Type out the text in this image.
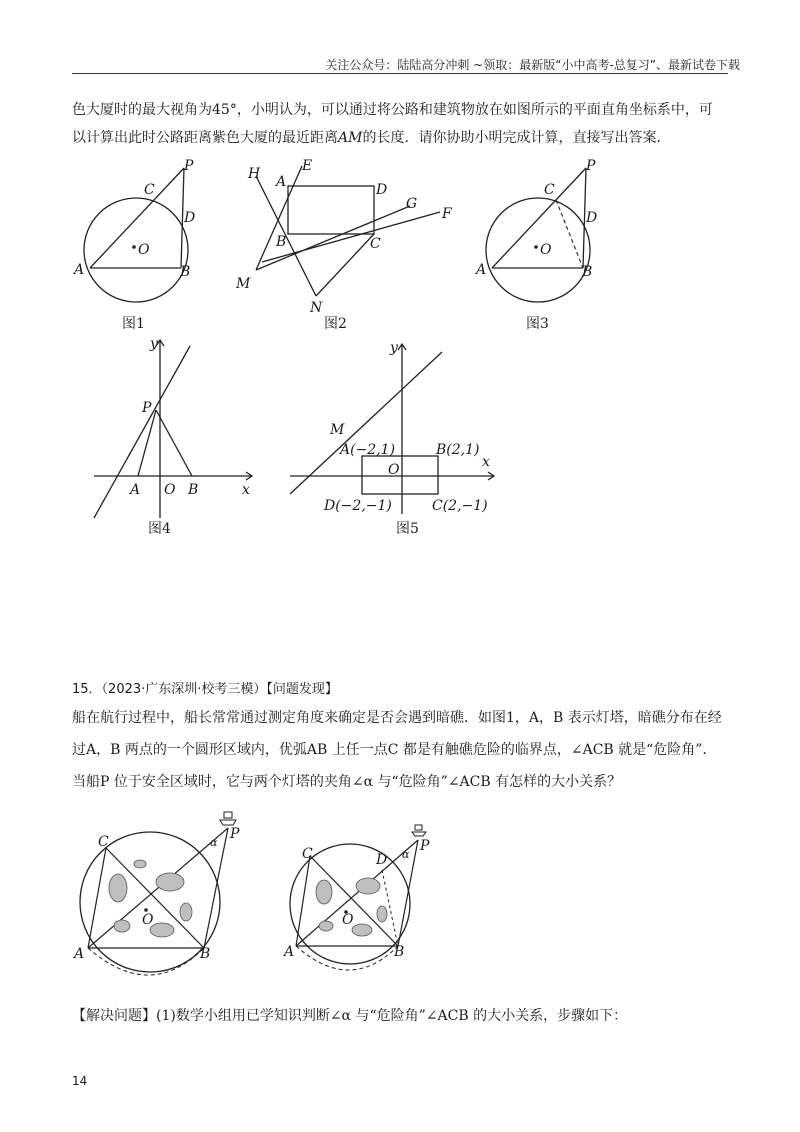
关注公众号：陆陆高分冲刺 ~领取：最新版“小中高考-总复习”、最新试卷下载
色大厦时的最大视角为45°，小明认为，可以通过将公路和建筑物放在如图所示的平面直角坐标系中，可
以计算出此时公路距离紫色大厦的最近距离AM的长度．请你协助小明完成计算，直接写出答案．
P
C
D
O
A	B
图1
H	E
A	D
G
F
B	C
M
N
图2
P
C
D
O
A	B
图3
y
P
A O B	x
图4
y
M
A(−2,1)	B(2,1)
O	x
D(−2,−1)	C(2,−1)
图5
15．（2023·广东深圳·校考三模）【问题发现】
船在航行过程中，船长常常通过测定角度来确定是否会遇到暗礁．如图1，A，B 表示灯塔，暗礁分布在经
过A，B 两点的一个圆形区域内，优弧AB 上任一点C 都是有触礁危险的临界点，∠ACB 就是“危险角”．
当船P 位于安全区域时，它与两个灯塔的夹角∠α 与“危险角”∠ACB 有怎样的大小关系？
C	P
α
O
A	B
C	D
P
α
O
A	B
【解决问题】(1)数学小组用已学知识判断∠α 与“危险角”∠ACB 的大小关系，步骤如下：
14
